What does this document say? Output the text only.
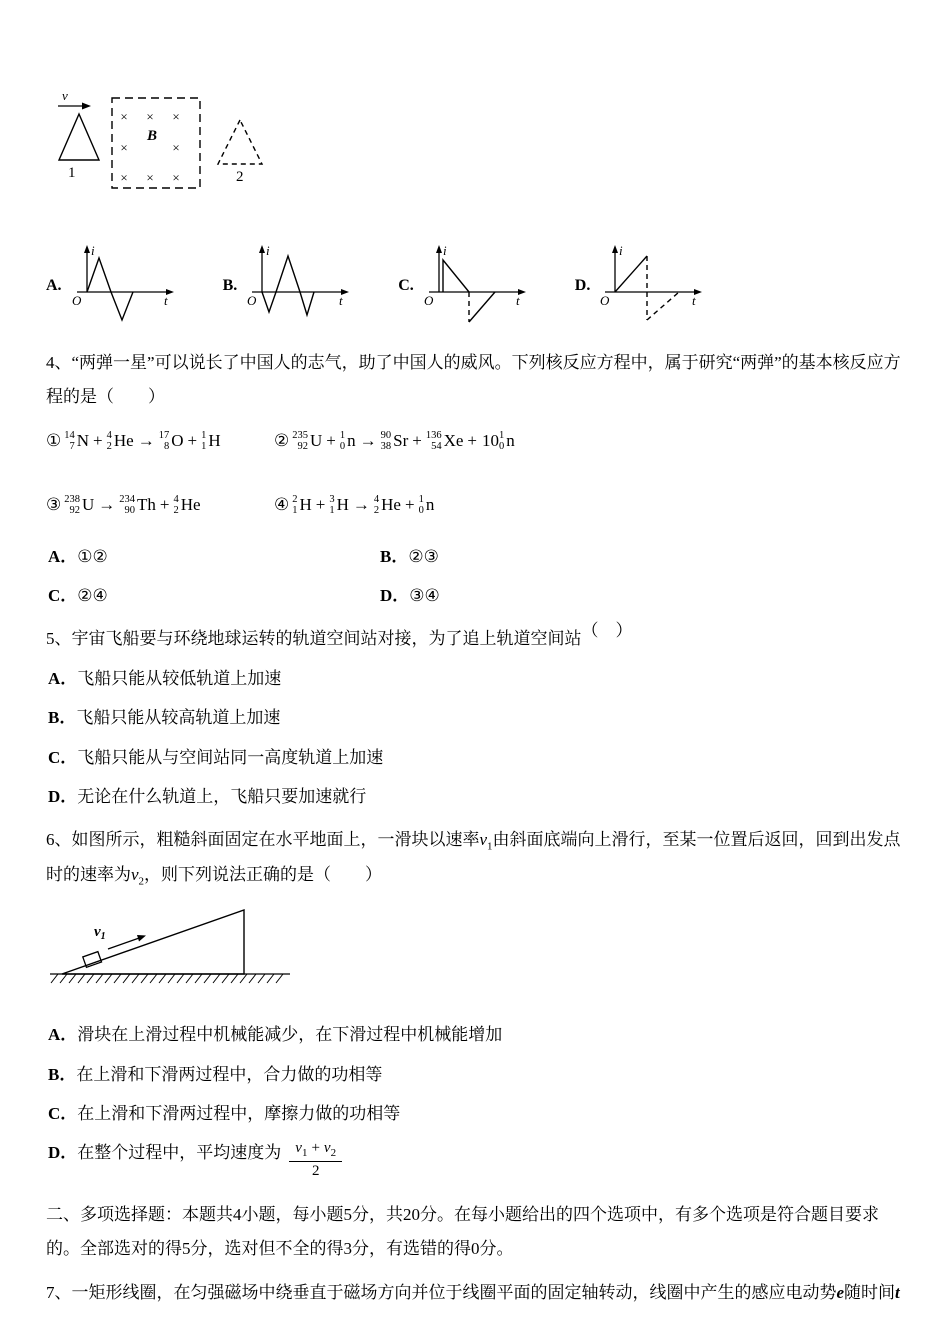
v
1
× × ×
B
×	×
× × ×	2
A.
i
t
O
B.
i
t
O
C.
i
t
O
D.
i
t
O

4、“两弹一星”可以说长了中国人的志气，助了中国人的威风。下列核反应方程中，属于研究“两弹”的基本核反应方程的是（　　）

① 14
7 N + 4
2 He → 17
8 O + 1
1 H	② 235
92 U + 1
0 n → 90
38 Sr + 136
54 Xe + 10 1
0 n
③ 238
92 U → 234
90 Th + 4
2 He	④ 2
1 H + 3
1 H → 4
2 He + 1
0 n
A．①②	B．②③
C．②④	D．③④

5、宇宙飞船要与环绕地球运转的轨道空间站对接，为了追上轨道空间站（　）

A．飞船只能从较低轨道上加速
B．飞船只能从较高轨道上加速
C．飞船只能从与空间站同一高度轨道上加速
D．无论在什么轨道上，飞船只要加速就行

6、如图所示，粗糙斜面固定在水平地面上，一滑块以速率$v_1$由斜面底端向上滑行，至某一位置后返回，回到出发点时的速率为$v_2$，则下列说法正确的是（　　）

$v_1$
A．滑块在上滑过程中机械能减少，在下滑过程中机械能增加
B．在上滑和下滑两过程中，合力做的功相等
C．在上滑和下滑两过程中，摩擦力做的功相等
D． 在整个过程中，平均速度为 $\frac{v_1 + v_2}{2}$

二、多项选择题：本题共4小题，每小题5分，共20分。在每小题给出的四个选项中，有多个选项是符合题目要求的。全部选对的得5分，选对但不全的得3分，有选错的得0分。

7、一矩形线圈，在匀强磁场中绕垂直于磁场方向并位于线圈平面的固定轴转动，线圈中产生的感应电动势e随时间t
